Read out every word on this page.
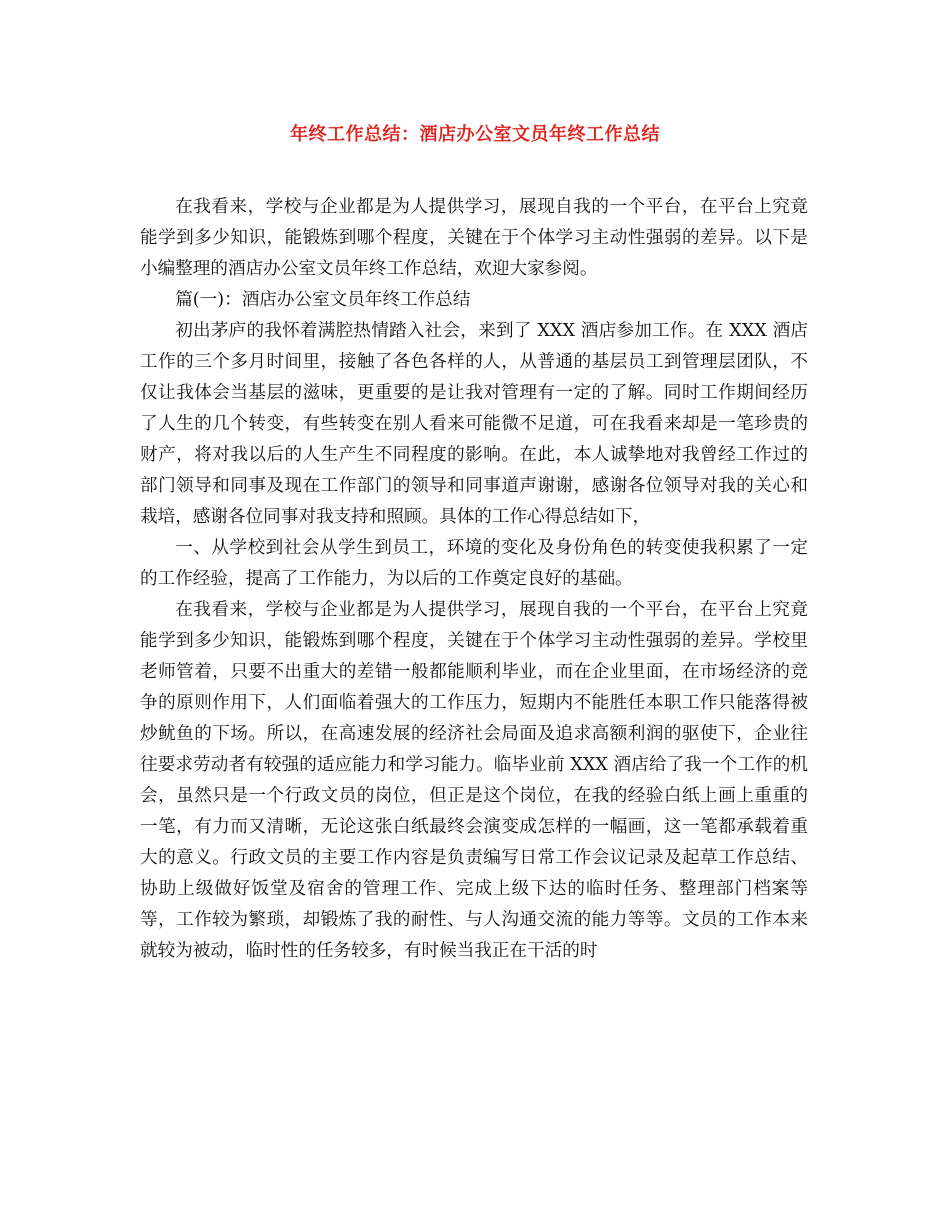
年终工作总结：酒店办公室文员年终工作总结

在我看来，学校与企业都是为人提供学习，展现自我的一个平台，在平台上究竟能学到多少知识，能锻炼到哪个程度，关键在于个体学习主动性强弱的差异。以下是小编整理的酒店办公室文员年终工作总结，欢迎大家参阅。

篇(一)：酒店办公室文员年终工作总结

初出茅庐的我怀着满腔热情踏入社会，来到了 XXX 酒店参加工作。在 XXX 酒店工作的三个多月时间里，接触了各色各样的人，从普通的基层员工到管理层团队，不仅让我体会当基层的滋味，更重要的是让我对管理有一定的了解。同时工作期间经历了人生的几个转变，有些转变在别人看来可能微不足道，可在我看来却是一笔珍贵的财产，将对我以后的人生产生不同程度的影响。在此，本人诚挚地对我曾经工作过的部门领导和同事及现在工作部门的领导和同事道声谢谢，感谢各位领导对我的关心和栽培，感谢各位同事对我支持和照顾。具体的工作心得总结如下，

一、从学校到社会从学生到员工，环境的变化及身份角色的转变使我积累了一定的工作经验，提高了工作能力，为以后的工作奠定良好的基础。

在我看来，学校与企业都是为人提供学习，展现自我的一个平台，在平台上究竟能学到多少知识，能锻炼到哪个程度，关键在于个体学习主动性强弱的差异。学校里老师管着，只要不出重大的差错一般都能顺利毕业，而在企业里面，在市场经济的竞争的原则作用下，人们面临着强大的工作压力，短期内不能胜任本职工作只能落得被炒鱿鱼的下场。所以，在高速发展的经济社会局面及追求高额利润的驱使下，企业往往要求劳动者有较强的适应能力和学习能力。临毕业前 XXX 酒店给了我一个工作的机会，虽然只是一个行政文员的岗位，但正是这个岗位，在我的经验白纸上画上重重的一笔，有力而又清晰，无论这张白纸最终会演变成怎样的一幅画，这一笔都承载着重大的意义。行政文员的主要工作内容是负责编写日常工作会议记录及起草工作总结、协助上级做好饭堂及宿舍的管理工作、完成上级下达的临时任务、整理部门档案等等，工作较为繁琐，却锻炼了我的耐性、与人沟通交流的能力等等。文员的工作本来就较为被动，临时性的任务较多，有时候当我正在干活的时
